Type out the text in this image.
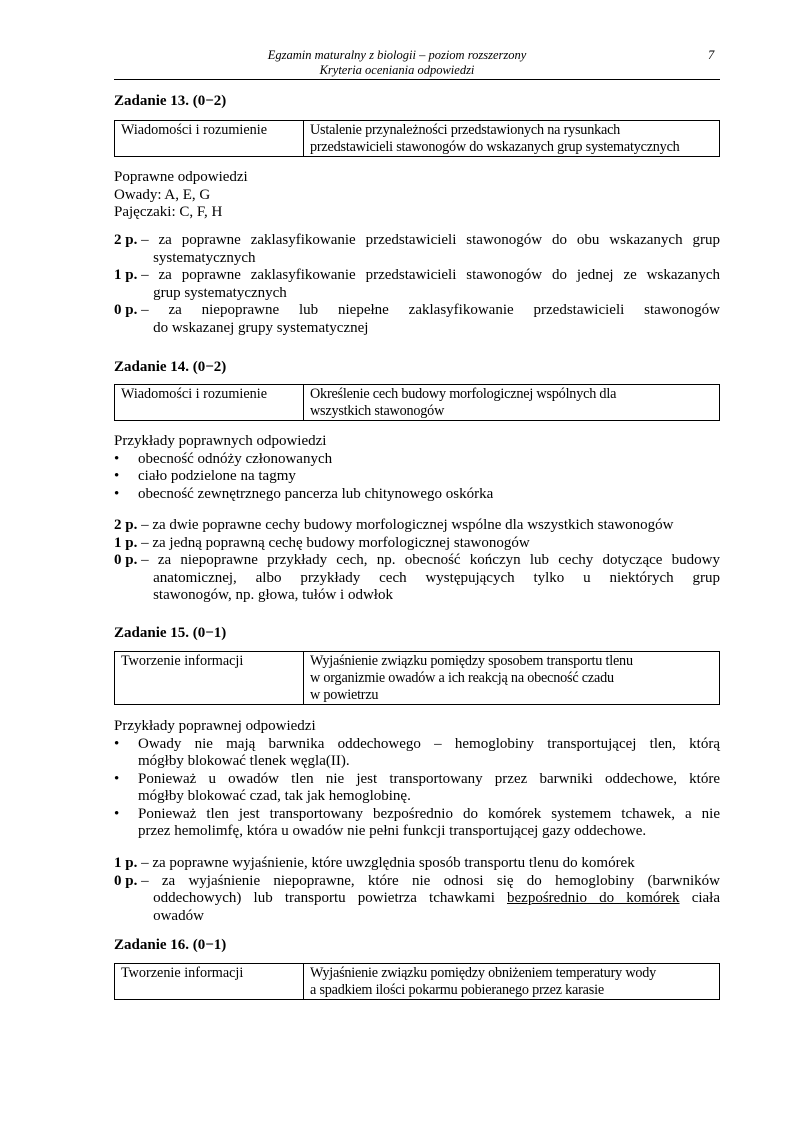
Egzamin maturalny z biologii – poziom rozszerzony
Kryteria oceniania odpowiedzi
7
Zadanie 13. (0−2)
Wiadomości i rozumienie	Ustalenie przynależności przedstawionych na rysunkach
przedstawicieli stawonogów do wskazanych grup systematycznych
Poprawne odpowiedzi
Owady: A, E, G
Pajęczaki: C, F, H
2 p.
– za poprawne zaklasyfikowanie przedstawicieli stawonogów do obu wskazanych grup
systematycznych
1 p.
– za poprawne zaklasyfikowanie przedstawicieli stawonogów do jednej ze wskazanych
grup systematycznych
0 p.
– za niepoprawne lub niepełne zaklasyfikowanie przedstawicieli stawonogów
do wskazanej grupy systematycznej
Zadanie 14. (0−2)
Wiadomości i rozumienie	Określenie cech budowy morfologicznej wspólnych dla
wszystkich stawonogów
Przykłady poprawnych odpowiedzi
• obecność odnóży członowanych
• ciało podzielone na tagmy
• obecność zewnętrznego pancerza lub chitynowego oskórka
2 p.
– za dwie poprawne cechy budowy morfologicznej wspólne dla wszystkich stawonogów
1 p.
– za jedną poprawną cechę budowy morfologicznej stawonogów
0 p.
– za niepoprawne przykłady cech, np. obecność kończyn lub cechy dotyczące budowy
anatomicznej, albo przykłady cech występujących tylko u niektórych grup
stawonogów, np. głowa, tułów i odwłok
Zadanie 15. (0−1)
Tworzenie informacji	Wyjaśnienie związku pomiędzy sposobem transportu tlenu
w organizmie owadów a ich reakcją na obecność czadu
w powietrzu
Przykłady poprawnej odpowiedzi
• Owady nie mają barwnika oddechowego – hemoglobiny transportującej tlen, którą
mógłby blokować tlenek węgla(II).
• Ponieważ u owadów tlen nie jest transportowany przez barwniki oddechowe, które
mógłby blokować czad, tak jak hemoglobinę.
• Ponieważ tlen jest transportowany bezpośrednio do komórek systemem tchawek, a nie
przez hemolimfę, która u owadów nie pełni funkcji transportującej gazy oddechowe.
1 p.
– za poprawne wyjaśnienie, które uwzględnia sposób transportu tlenu do komórek
0 p.
– za wyjaśnienie niepoprawne, które nie odnosi się do hemoglobiny (barwników
oddechowych) lub transportu powietrza tchawkami bezpośrednio do komórek ciała
owadów
Zadanie 16. (0−1)
Tworzenie informacji	Wyjaśnienie związku pomiędzy obniżeniem temperatury wody
a spadkiem ilości pokarmu pobieranego przez karasie
